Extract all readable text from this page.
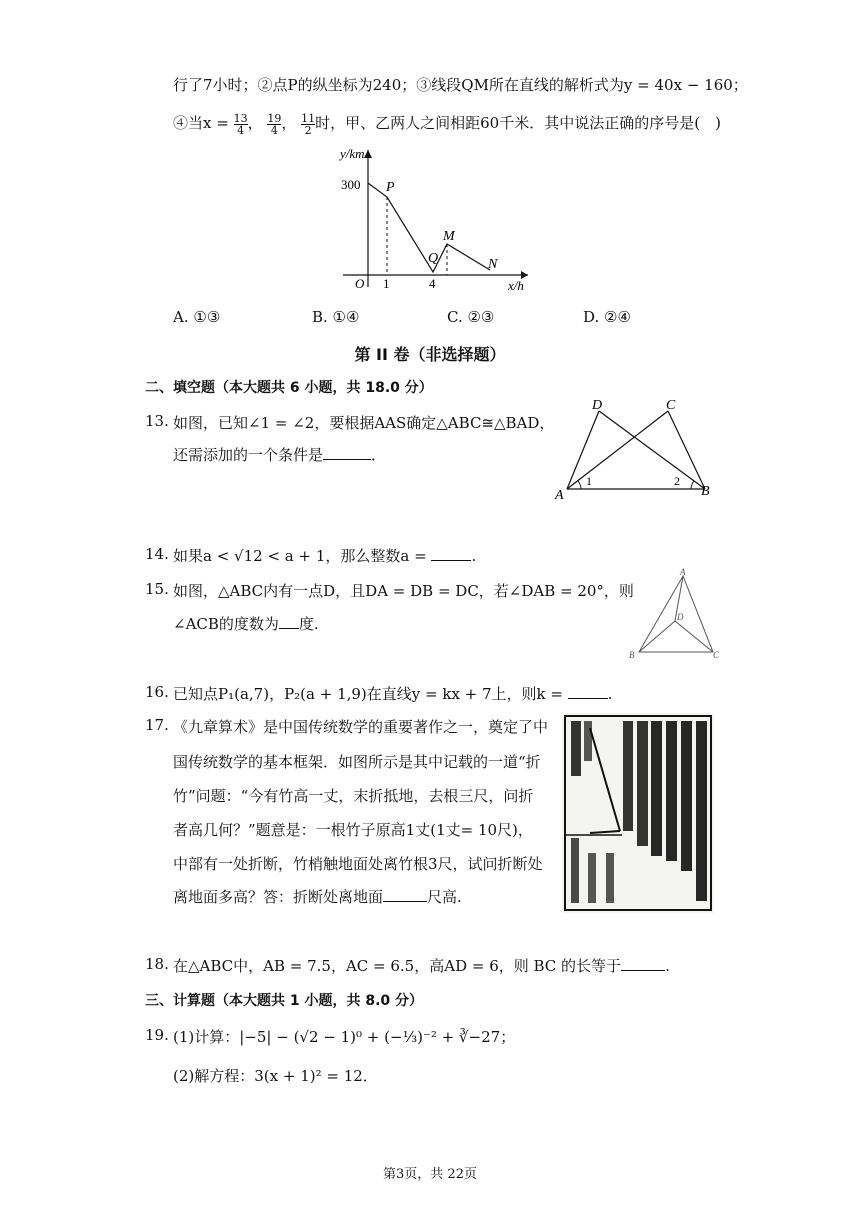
行了7小时；②点P的纵坐标为240；③线段QM所在直线的解析式为y = 40x − 160；
④当$x = \frac{13}{4}$ ， $\frac{19}{4}$ ， $\frac{11}{2}$ 时，甲、乙两人之间相距60千米．其中说法正确的序号是(　)
y/km
x/h
O
300
1	4
P
Q
M
N
A. ①③	B. ①④	C. ②③	D. ②④
第 II 卷（非选择题）
二、填空题（本大题共 6 小题，共 18.0 分）
13. 如图，已知∠1 = ∠2，要根据AAS确定△ABC≅△BAD，
还需添加的一个条件是	．
D	C
A	B
1	2
14. 如果a < √12 < a + 1，那么整数a =	.
15. 如图，△ABC内有一点D，且DA = DB = DC，若∠DAB = 20°，则
∠ACB的度数为 度.
A
B	C
D
16. 已知点P₁(a,7)，P₂(a + 1,9)在直线y = kx + 7上，则k =	.
17. 《九章算术》是中国传统数学的重要著作之一，奠定了中
国传统数学的基本框架．如图所示是其中记载的一道“折
竹”问题：“今有竹高一丈，末折抵地，去根三尺，问折
者高几何？”题意是：一根竹子原高1丈(1丈= 10尺)，
中部有一处折断，竹梢触地面处离竹根3尺，试问折断处
离地面多高？答：折断处离地面	尺高.
18. 在△ABC中，AB = 7.5，AC = 6.5，高AD = 6，则 BC 的长等于	.
三、计算题（本大题共 1 小题，共 8.0 分）
19. (1)计算：|−5| − (√2 − 1)⁰ + (−⅓)⁻² + ∛−27；
(2)解方程：3(x + 1)² = 12．
第3页，共 22页
